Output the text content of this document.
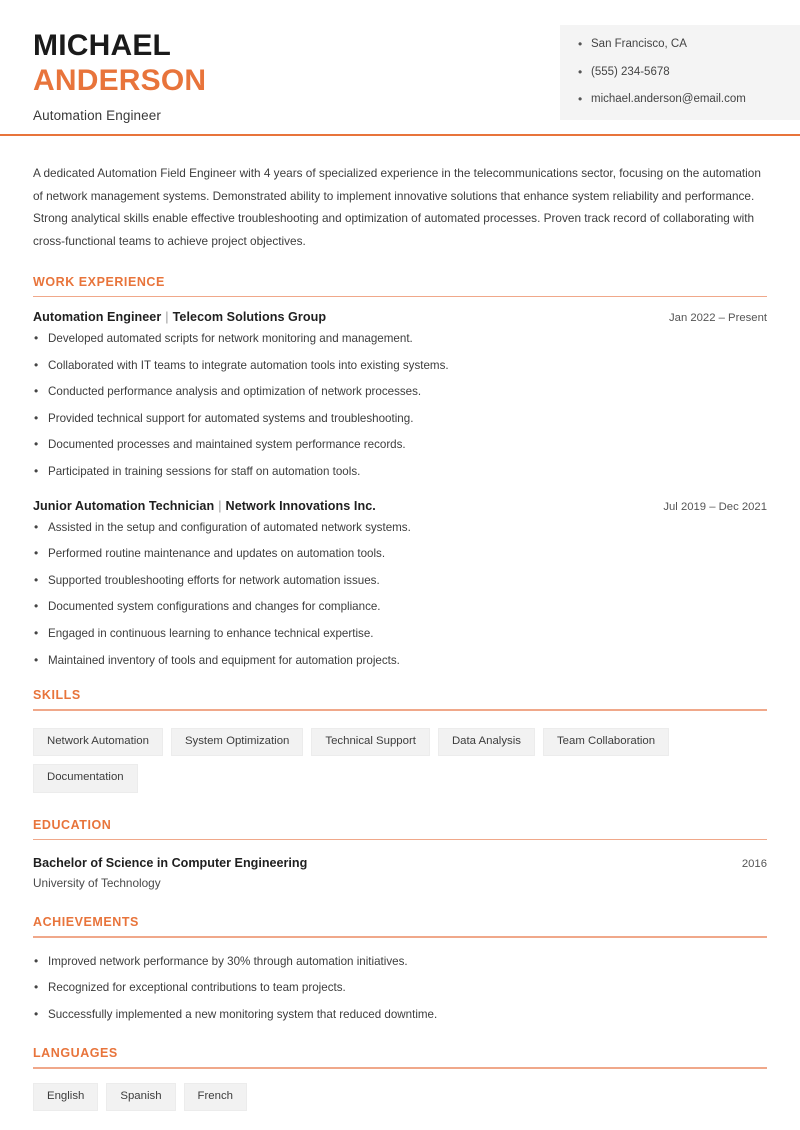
MICHAEL
ANDERSON
Automation Engineer
• San Francisco, CA
• (555) 234-5678
• michael.anderson@email.com
A dedicated Automation Field Engineer with 4 years of specialized experience in the telecommunications sector, focusing on the automation of network management systems. Demonstrated ability to implement innovative solutions that enhance system reliability and performance. Strong analytical skills enable effective troubleshooting and optimization of automated processes. Proven track record of collaborating with cross-functional teams to achieve project objectives.
WORK EXPERIENCE
Automation Engineer | Telecom Solutions Group	Jan 2022 – Present
• Developed automated scripts for network monitoring and management.
• Collaborated with IT teams to integrate automation tools into existing systems.
• Conducted performance analysis and optimization of network processes.
• Provided technical support for automated systems and troubleshooting.
• Documented processes and maintained system performance records.
• Participated in training sessions for staff on automation tools.
Junior Automation Technician | Network Innovations Inc.	Jul 2019 – Dec 2021
• Assisted in the setup and configuration of automated network systems.
• Performed routine maintenance and updates on automation tools.
• Supported troubleshooting efforts for network automation issues.
• Documented system configurations and changes for compliance.
• Engaged in continuous learning to enhance technical expertise.
• Maintained inventory of tools and equipment for automation projects.
SKILLS
Network Automation	System Optimization	Technical Support	Data Analysis	Team Collaboration
Documentation
EDUCATION
Bachelor of Science in Computer Engineering	2016
University of Technology
ACHIEVEMENTS
• Improved network performance by 30% through automation initiatives.
• Recognized for exceptional contributions to team projects.
• Successfully implemented a new monitoring system that reduced downtime.
LANGUAGES
English	Spanish	French
